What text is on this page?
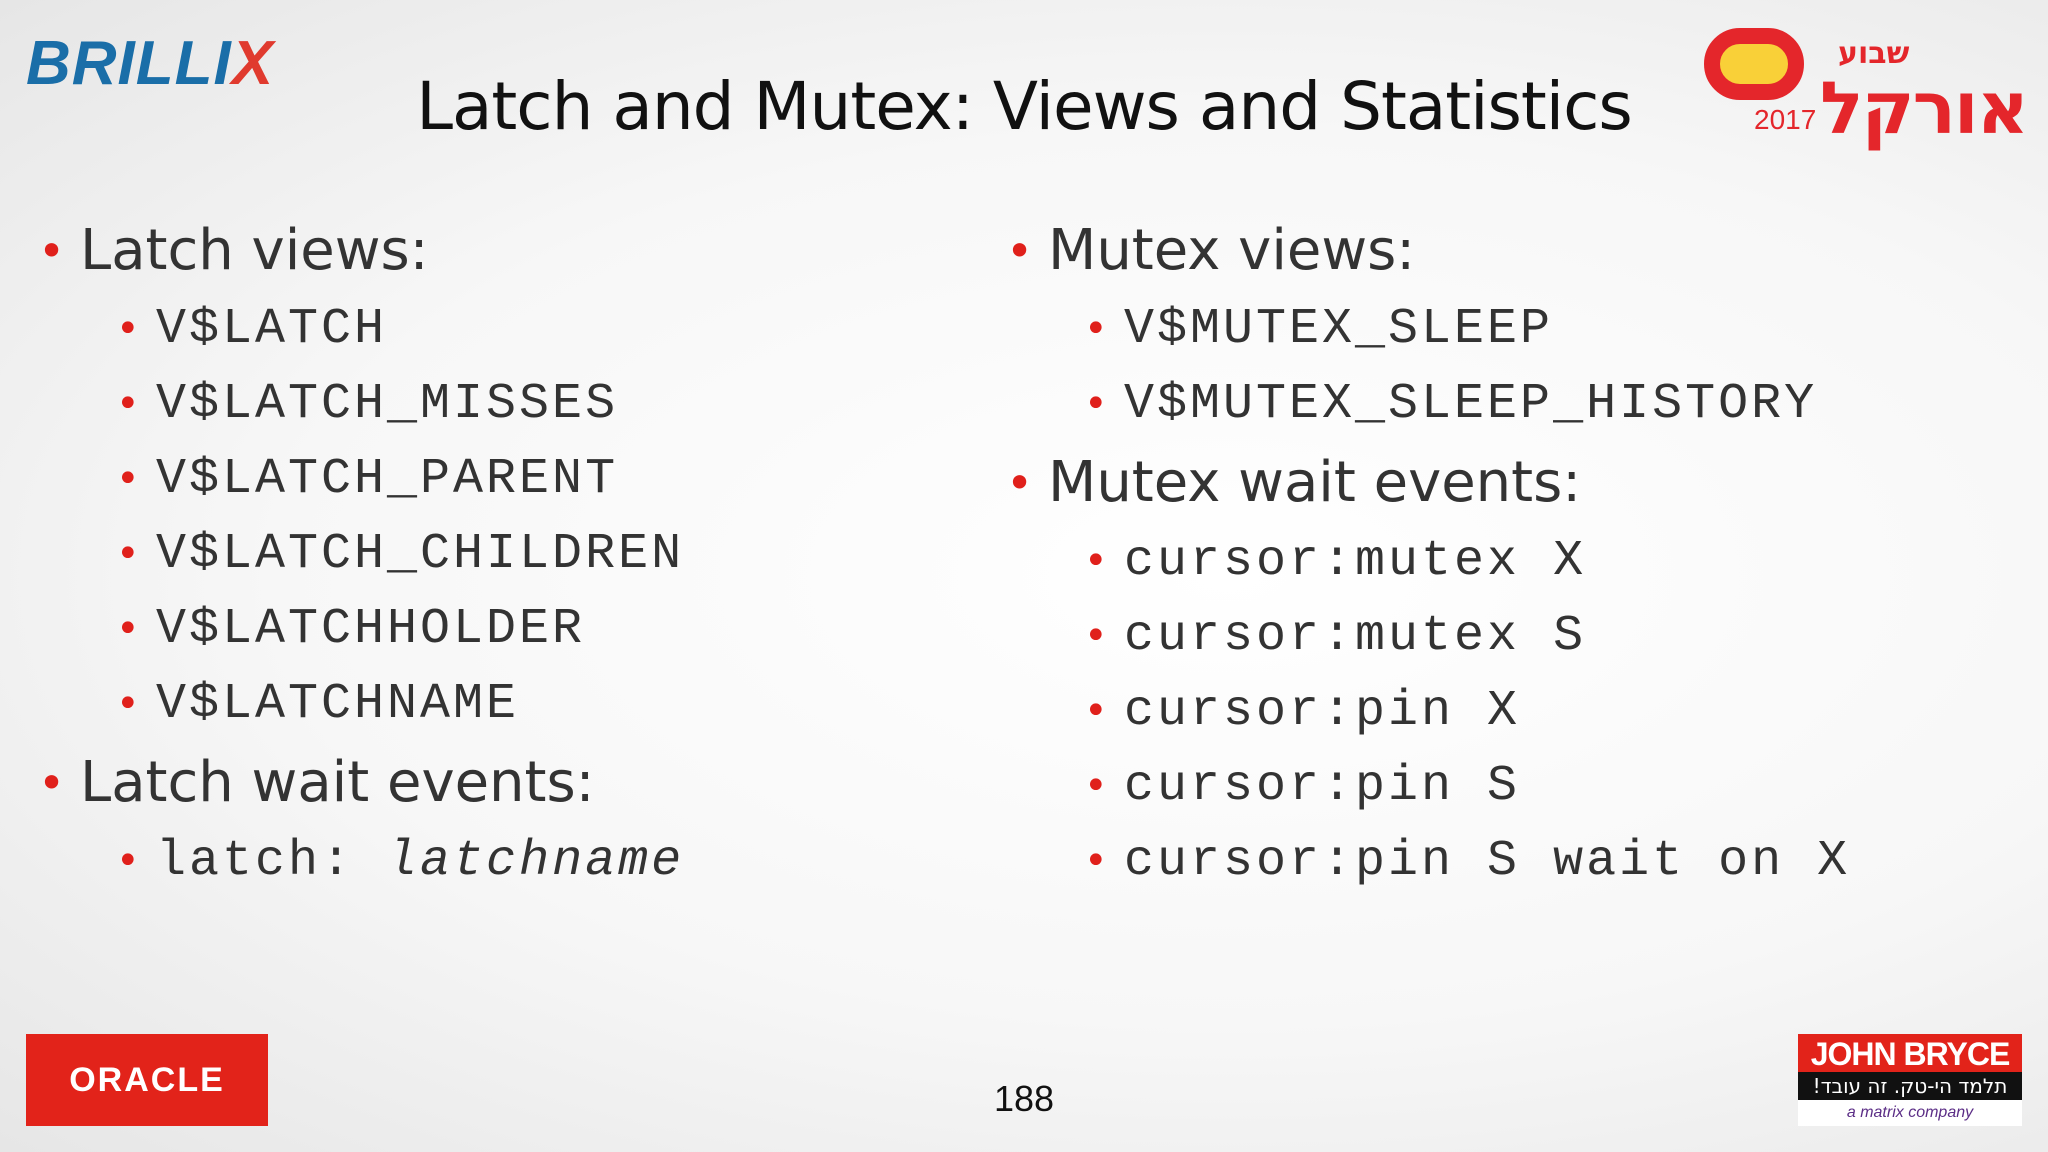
BRILLIX
Latch and Mutex: Views and Statistics
שבוע
אורקל
2017
• Latch views:
• V$LATCH
• V$LATCH_MISSES
• V$LATCH_PARENT
• V$LATCH_CHILDREN
• V$LATCHHOLDER
• V$LATCHNAME
• Latch wait events:
• latch: latchname
• Mutex views:
• V$MUTEX_SLEEP
• V$MUTEX_SLEEP_HISTORY
• Mutex wait events:
• cursor:mutex X
• cursor:mutex S
• cursor:pin X
• cursor:pin S
• cursor:pin S wait on X
ORACLE	188
JOHN BRYCE
תלמד הי-טק. זה עובד!
a matrix company
